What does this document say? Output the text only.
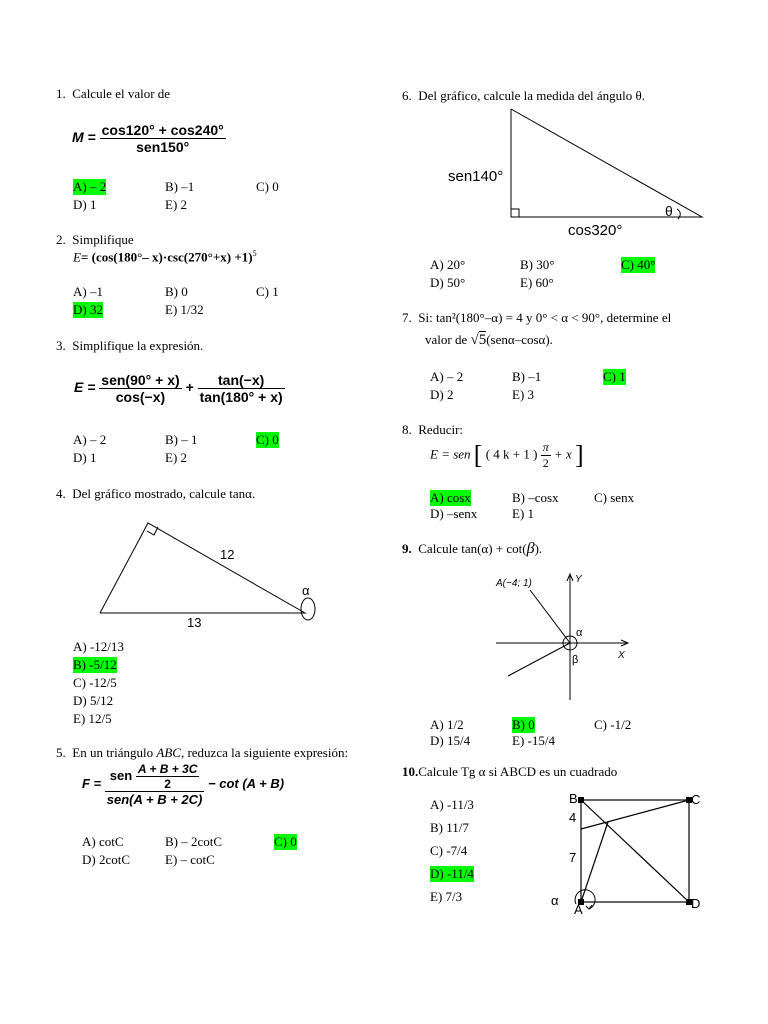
1. Calcule el valor de
$M = \frac{\cos 120^\circ + \cos 240^\circ}{\text{sen150°}}$
A) – 2	B) –1	C) 0
D) 1	E) 2
2. Simplifique
E= (cos(180°– x)·csc(270°+x) +1)$^5$
A) –1	B) 0	C) 1
D) 32	E) 1/32
3. Simplifique la expresión.
$E = \frac{\text{sen(90° + x)}}{\cos(-x)} + \frac{\tan(-x)}{\tan(180^\circ + x)}$
A) – 2	B) – 1	C) 0
D) 1	E) 2
4. Del gráfico mostrado, calcule tanα.
12
13
α
A) -12/13
B) -5/12
C) -12/5
D) 5/12
E) 12/5
5. En un triángulo ABC, reduzca la siguiente expresión:
$F = \frac{sen \frac{A + B + 3C}{2}}{\text{sen(A + B + 2C)}} - \cot (A + B)$
A) cotC	B) – 2cotC	C) 0
D) 2cotC	E) – cotC
6. Del gráfico, calcule la medida del ángulo θ.
sen140°
cos320°
θ
A) 20°	B) 30°	C) 40°
D) 50°	E) 60°
7. Si: tan²(180°–α) = 4 y 0° < α < 90°, determine el
valor de √5(senα–cosα).
A) – 2	B) –1	C) 1
D) 2	E) 3
8. Reducir:
E = sen [ ( 4 k + 1 ) $\frac{\pi}{2} + x$ ]
A) cosx	B) –cosx	C) senx
D) –senx	E) 1
9. Calcule tan(α) + cot(β).
A(−4; 1)	Y
X
α
β
A) 1/2	B) 0	C) -1/2
D) 15/4	E) -15/4
10.Calcule Tg α si ABCD es un cuadrado
A) -11/3
B) 11/7
C) -7/4
D) -11/4
E) 7/3
B	C
A	D
4
7
α
